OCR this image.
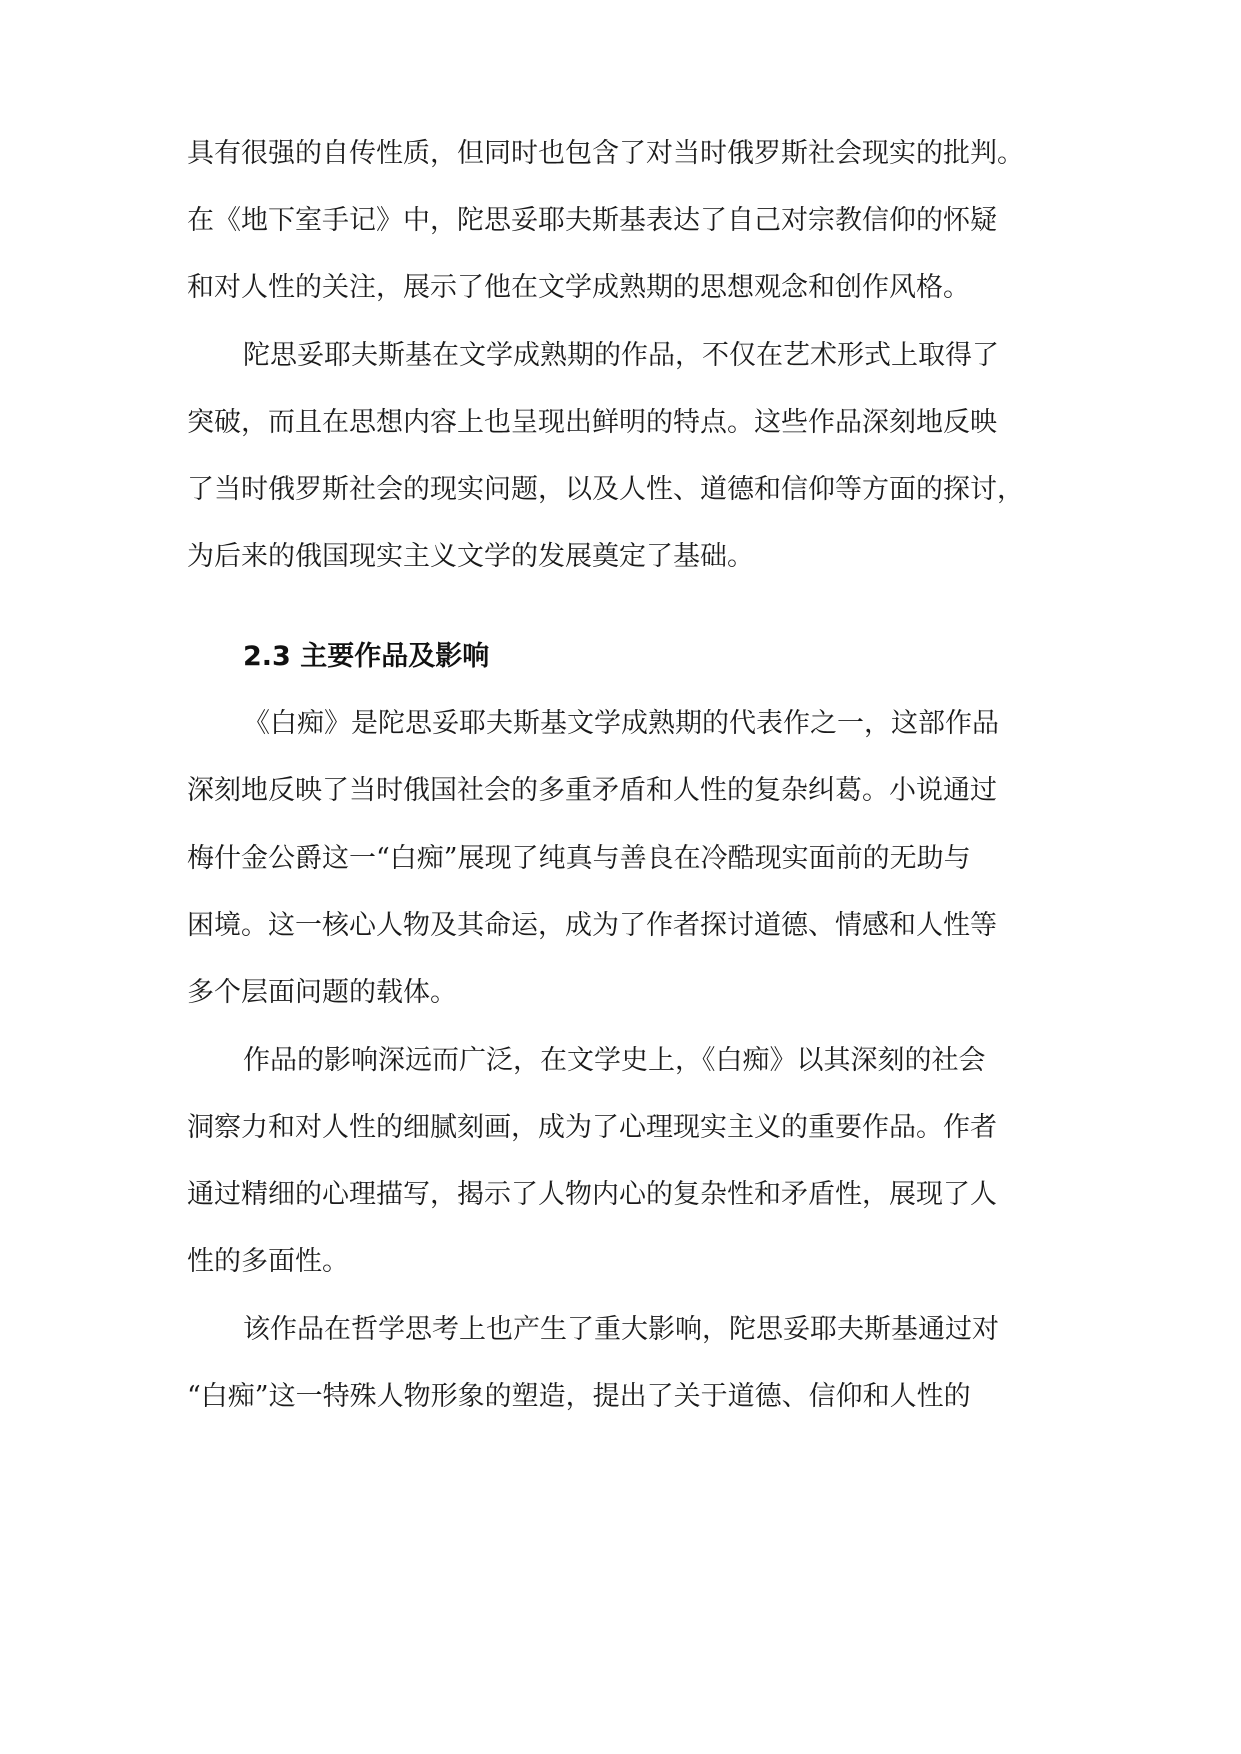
具有很强的自传性质，但同时也包含了对当时俄罗斯社会现实的批判。
在《地下室手记》中，陀思妥耶夫斯基表达了自己对宗教信仰的怀疑
和对人性的关注，展示了他在文学成熟期的思想观念和创作风格。
陀思妥耶夫斯基在文学成熟期的作品，不仅在艺术形式上取得了
突破，而且在思想内容上也呈现出鲜明的特点。这些作品深刻地反映
了当时俄罗斯社会的现实问题，以及人性、道德和信仰等方面的探讨，
为后来的俄国现实主义文学的发展奠定了基础。
2.3 主要作品及影响
《白痴》是陀思妥耶夫斯基文学成熟期的代表作之一，这部作品
深刻地反映了当时俄国社会的多重矛盾和人性的复杂纠葛。小说通过
梅什金公爵这一“白痴”展现了纯真与善良在冷酷现实面前的无助与
困境。这一核心人物及其命运，成为了作者探讨道德、情感和人性等
多个层面问题的载体。
作品的影响深远而广泛，在文学史上，《白痴》以其深刻的社会
洞察力和对人性的细腻刻画，成为了心理现实主义的重要作品。作者
通过精细的心理描写，揭示了人物内心的复杂性和矛盾性，展现了人
性的多面性。
该作品在哲学思考上也产生了重大影响，陀思妥耶夫斯基通过对
“白痴”这一特殊人物形象的塑造，提出了关于道德、信仰和人性的
